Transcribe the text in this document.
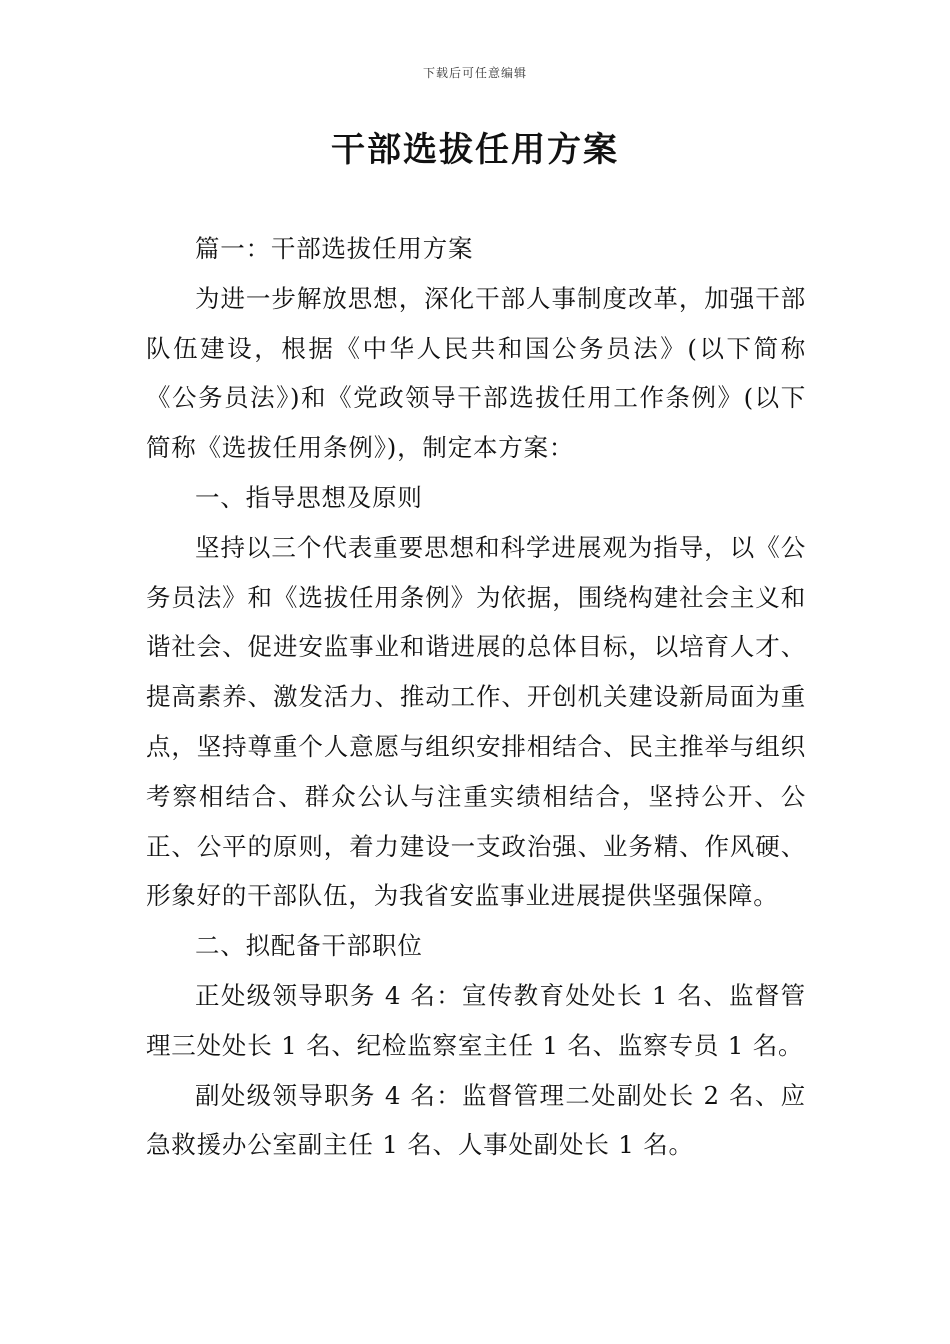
下载后可任意编辑
干部选拔任用方案

篇一：干部选拔任用方案

为进一步解放思想，深化干部人事制度改革，加强干部队伍建设，根据《中华人民共和国公务员法》(以下简称《公务员法》)和《党政领导干部选拔任用工作条例》(以下简称《选拔任用条例》)，制定本方案：

一、指导思想及原则

坚持以三个代表重要思想和科学进展观为指导，以《公务员法》和《选拔任用条例》为依据，围绕构建社会主义和谐社会、促进安监事业和谐进展的总体目标，以培育人才、提高素养、激发活力、推动工作、开创机关建设新局面为重点，坚持尊重个人意愿与组织安排相结合、民主推举与组织考察相结合、群众公认与注重实绩相结合，坚持公开、公正、公平的原则，着力建设一支政治强、业务精、作风硬、形象好的干部队伍，为我省安监事业进展提供坚强保障。

二、拟配备干部职位

正处级领导职务 4 名：宣传教育处处长 1 名、监督管理三处处长 1 名、纪检监察室主任 1 名、监察专员 1 名。

副处级领导职务 4 名：监督管理二处副处长 2 名、应急救援办公室副主任 1 名、人事处副处长 1 名。
